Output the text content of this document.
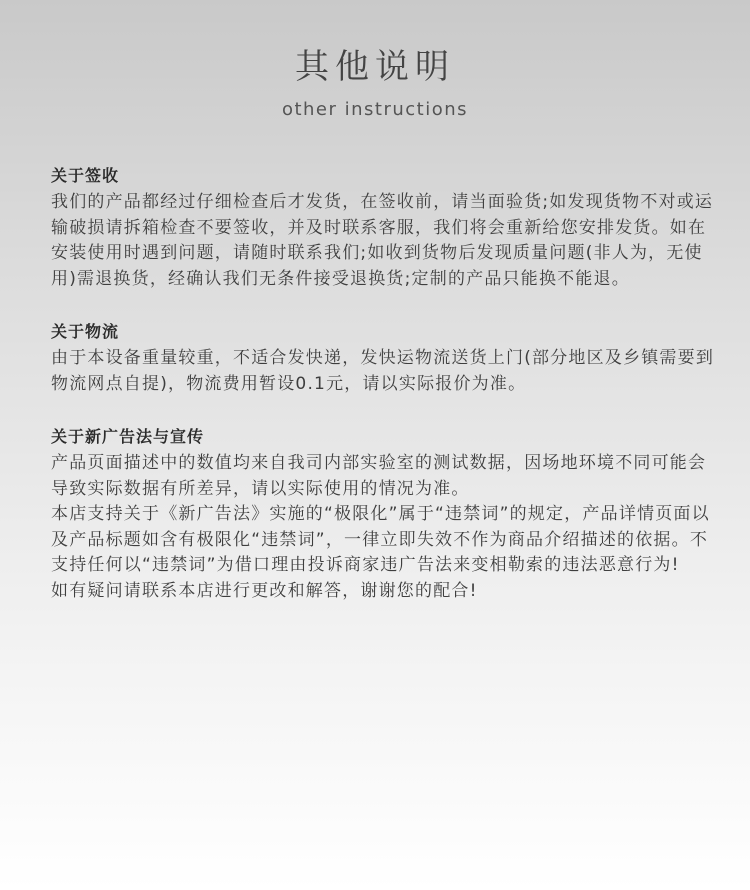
其他说明
other instructions
关于签收

我们的产品都经过仔细检查后才发货，在签收前，请当面验货;如发现货物不对或运输破损请拆箱检查不要签收，并及时联系客服，我们将会重新给您安排发货。如在安装使用时遇到问题，请随时联系我们;如收到货物后发现质量问题(非人为，无使用)需退换货，经确认我们无条件接受退换货;定制的产品只能换不能退。

关于物流

由于本设备重量较重，不适合发快递，发快运物流送货上门(部分地区及乡镇需要到物流网点自提)，物流费用暂设0.1元，请以实际报价为准。

关于新广告法与宣传

产品页面描述中的数值均来自我司内部实验室的测试数据，因场地环境不同可能会导致实际数据有所差异，请以实际使用的情况为准。

本店支持关于《新广告法》实施的“极限化”属于“违禁词”的规定，产品详情页面以及产品标题如含有极限化“违禁词”，一律立即失效不作为商品介绍描述的依据。不支持任何以“违禁词”为借口理由投诉商家违广告法来变相勒索的违法恶意行为!

如有疑问请联系本店进行更改和解答，谢谢您的配合!
